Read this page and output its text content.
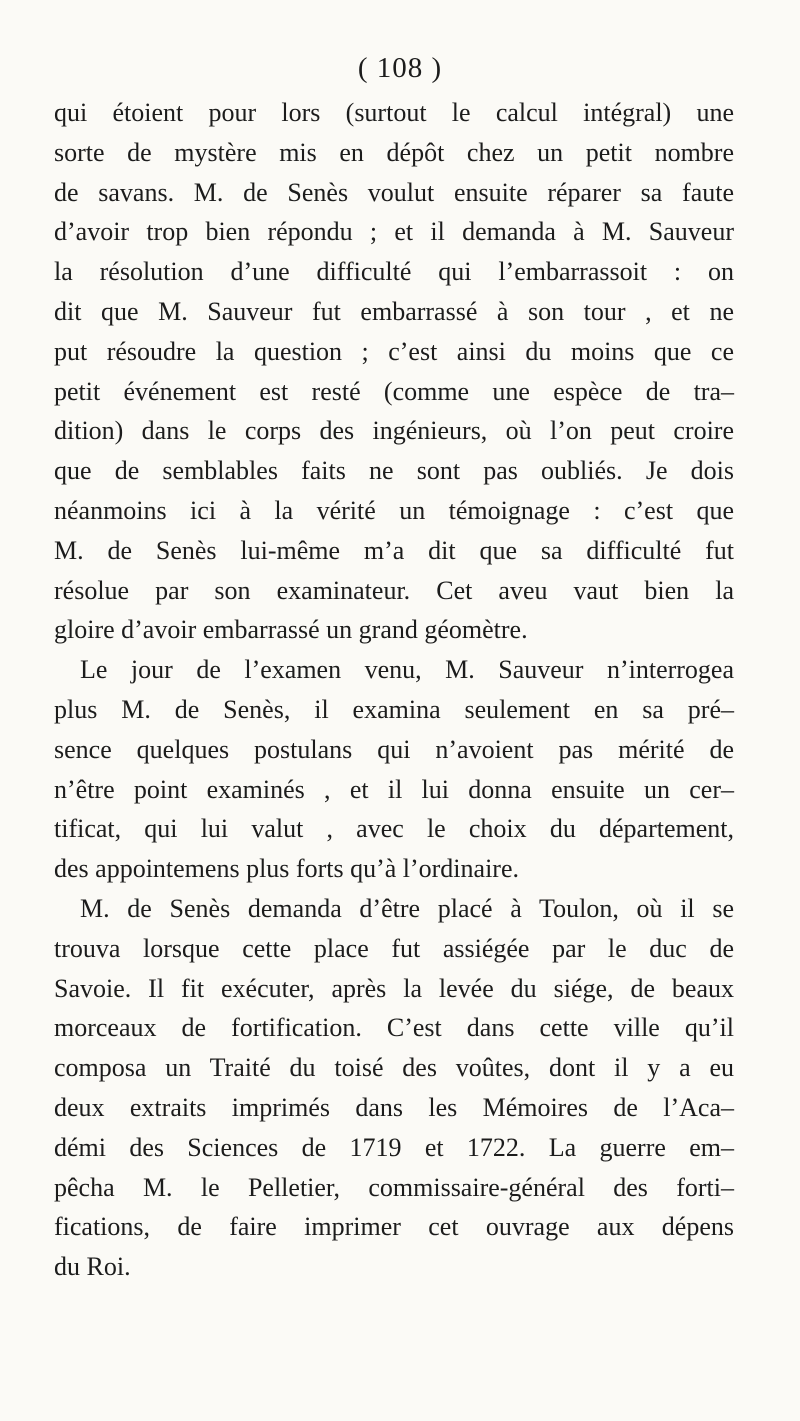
( 108 )
qui étoient pour lors (surtout le calcul intégral) une
sorte de mystère mis en dépôt chez un petit nombre
de savans. M. de Senès voulut ensuite réparer sa faute
d’avoir trop bien répondu ; et il demanda à M. Sauveur
la résolution d’une difficulté qui l’embarrassoit : on
dit que M. Sauveur fut embarrassé à son tour , et ne
put résoudre la question ; c’est ainsi du moins que ce
petit événement est resté (comme une espèce de tra–
dition) dans le corps des ingénieurs, où l’on peut croire
que de semblables faits ne sont pas oubliés. Je dois
néanmoins ici à la vérité un témoignage : c’est que
M. de Senès lui-même m’a dit que sa difficulté fut
résolue par son examinateur. Cet aveu vaut bien la
gloire d’avoir embarrassé un grand géomètre.
Le jour de l’examen venu, M. Sauveur n’interrogea
plus M. de Senès, il examina seulement en sa pré–
sence quelques postulans qui n’avoient pas mérité de
n’être point examinés , et il lui donna ensuite un cer–
tificat, qui lui valut , avec le choix du département,
des appointemens plus forts qu’à l’ordinaire.
M. de Senès demanda d’être placé à Toulon, où il se
trouva lorsque cette place fut assiégée par le duc de
Savoie. Il fit exécuter, après la levée du siége, de beaux
morceaux de fortification. C’est dans cette ville qu’il
composa un Traité du toisé des voûtes, dont il y a eu
deux extraits imprimés dans les Mémoires de l’Aca–
démi des Sciences de 1719 et 1722. La guerre em–
pêcha M. le Pelletier, commissaire-général des forti–
fications, de faire imprimer cet ouvrage aux dépens
du Roi.
